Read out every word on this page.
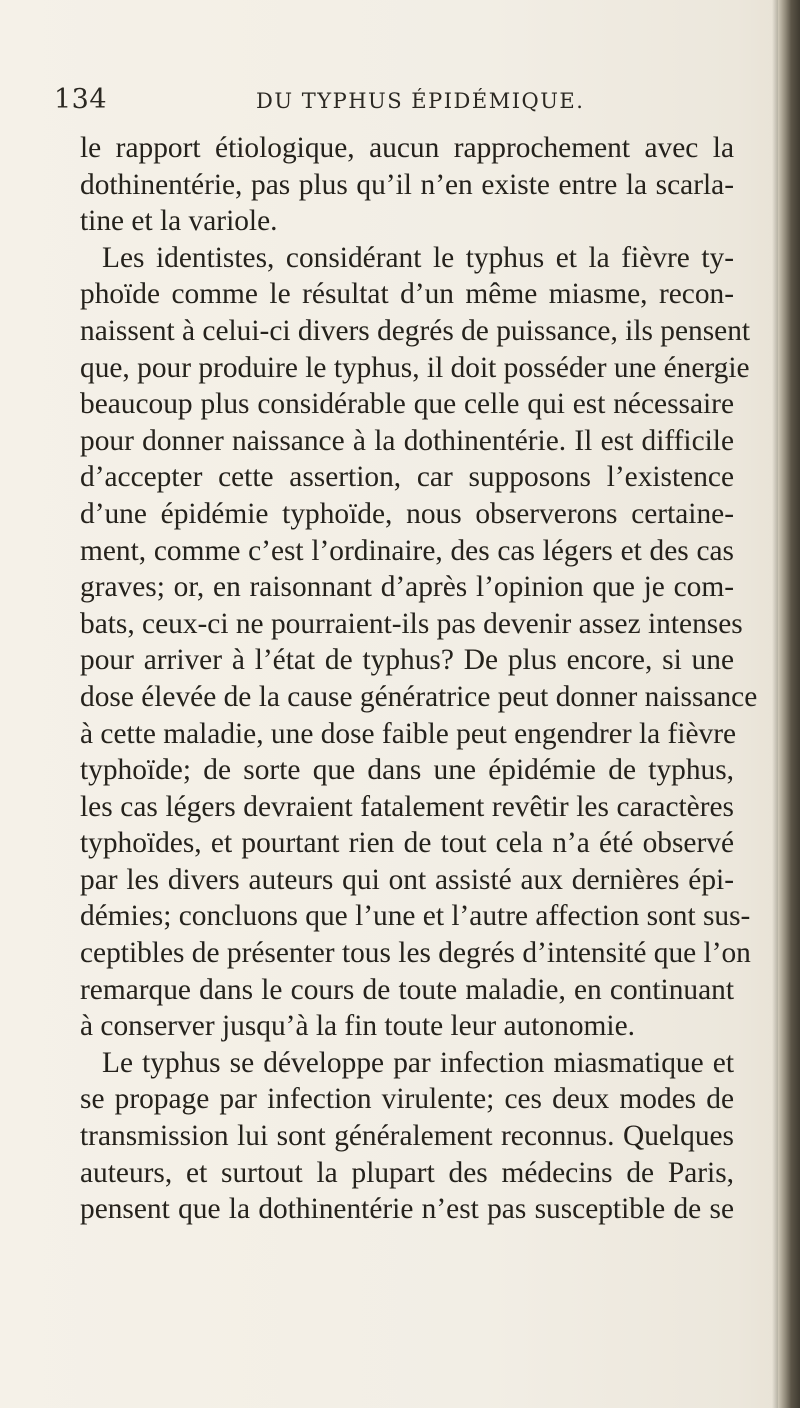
134	DU TYPHUS ÉPIDÉMIQUE.
le rapport étiologique, aucun rapprochement avec la
dothinentérie, pas plus qu’il n’en existe entre la scarla-
tine et la variole.
Les identistes, considérant le typhus et la fièvre ty-
phoïde comme le résultat d’un même miasme, recon-
naissent à celui-ci divers degrés de puissance, ils pensent
que, pour produire le typhus, il doit posséder une énergie
beaucoup plus considérable que celle qui est nécessaire
pour donner naissance à la dothinentérie. Il est difficile
d’accepter cette assertion, car supposons l’existence
d’une épidémie typhoïde, nous observerons certaine-
ment, comme c’est l’ordinaire, des cas légers et des cas
graves; or, en raisonnant d’après l’opinion que je com-
bats, ceux-ci ne pourraient-ils pas devenir assez intenses
pour arriver à l’état de typhus? De plus encore, si une
dose élevée de la cause génératrice peut donner naissance
à cette maladie, une dose faible peut engendrer la fièvre
typhoïde; de sorte que dans une épidémie de typhus,
les cas légers devraient fatalement revêtir les caractères
typhoïdes, et pourtant rien de tout cela n’a été observé
par les divers auteurs qui ont assisté aux dernières épi-
démies; concluons que l’une et l’autre affection sont sus-
ceptibles de présenter tous les degrés d’intensité que l’on
remarque dans le cours de toute maladie, en continuant
à conserver jusqu’à la fin toute leur autonomie.
Le typhus se développe par infection miasmatique et
se propage par infection virulente; ces deux modes de
transmission lui sont généralement reconnus. Quelques
auteurs, et surtout la plupart des médecins de Paris,
pensent que la dothinentérie n’est pas susceptible de se
